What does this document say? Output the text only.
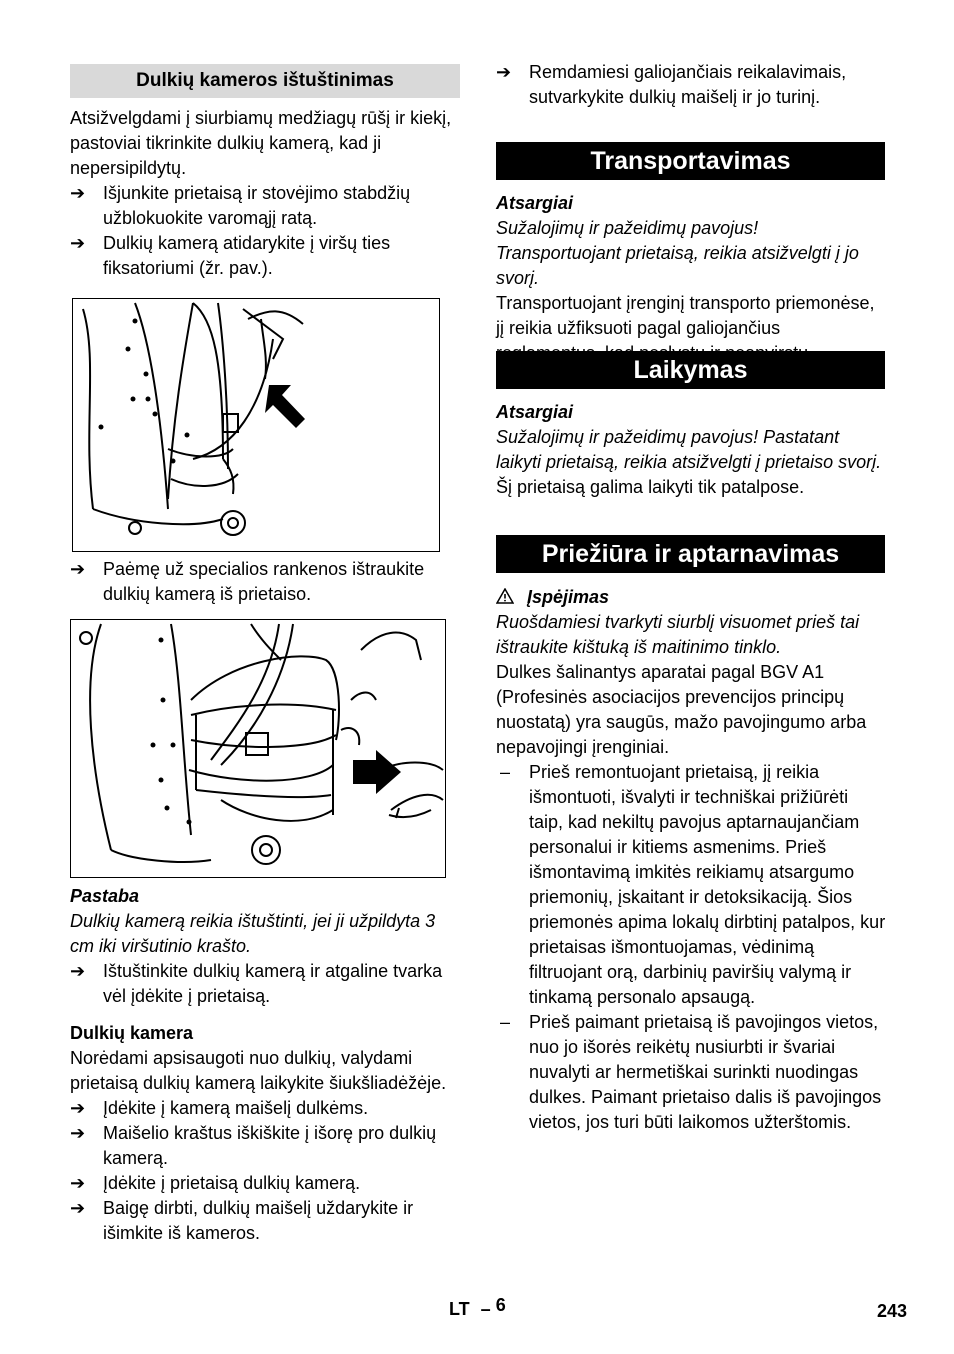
Dulkių kameros ištuštinimas

Atsižvelgdami į siurbiamų medžiagų rūšį ir kiekį, pastoviai tikrinkite dulkių kamerą, kad ji nepersipildytų.

➔ Išjunkite prietaisą ir stovėjimo stabdžių užblokuokite varomąjį ratą.
➔ Dulkių kamerą atidarykite į viršų ties fiksatoriumi (žr. pav.).
➔ Paėmę už specialios rankenos ištraukite dulkių kamerą iš prietaiso.

Pastaba

Dulkių kamerą reikia ištuštinti, jei ji užpildyta 3 cm iki viršutinio krašto.

➔ Ištuštinkite dulkių kamerą ir atgaline tvarka vėl įdėkite į prietaisą.

Dulkių kamera

Norėdami apsisaugoti nuo dulkių, valydami prietaisą dulkių kamerą laikykite šiukšliadėžėje.

➔ Įdėkite į kamerą maišelį dulkėms.
➔ Maišelio kraštus iškiškite į išorę pro dulkių kamerą.
➔ Įdėkite į prietaisą dulkių kamerą.
➔ Baigę dirbti, dulkių maišelį uždarykite ir išimkite iš kameros.
➔ Remdamiesi galiojančiais reikalavimais, sutvarkykite dulkių maišelį ir jo turinį.
Transportavimas

Atsargiai

Sužalojimų ir pažeidimų pavojus! Transportuojant prietaisą, reikia atsižvelgti į jo svorį.

Transportuojant įrenginį transporto priemonėse, jį reikia užfiksuoti pagal galiojančius

Laikymas

Atsargiai

Sužalojimų ir pažeidimų pavojus! Pastatant laikyti prietaisą, reikia atsižvelgti į prietaiso svorį.

Šį prietaisą galima laikyti tik patalpose.

Priežiūra ir aptarnavimas

Įspėjimas

Ruošdamiesi tvarkyti siurblį visuomet prieš tai ištraukite kištuką iš maitinimo tinklo.

Dulkes šalinantys aparatai pagal BGV A1 (Profesinės asociacijos prevencijos principų nuostatą) yra saugūs, mažo pavojingumo arba nepavojingi įrenginiai.

– Prieš remontuojant prietaisą, jį reikia išmontuoti, išvalyti ir techniškai prižiūrėti taip, kad nekiltų pavojus aptarnaujančiam personalui ir kitiems asmenims. Prieš išmontavimą imkitės reikiamų atsargumo priemonių, įskaitant ir detoksikaciją. Šios priemonės apima lokalų dirbtinį patalpos, kur prietaisas išmontuojamas, vėdinimą filtruojant orą, darbinių paviršių valymą ir tinkamą personalo apsaugą.
– Prieš paimant prietaisą iš pavojingos vietos, nuo jo išorės reikėtų nusiurbti ir švariai nuvalyti ar hermetiškai surinkti nuodingas dulkes. Paimant prietaiso dalis iš pavojingos vietos, jos turi būti laikomos užterštomis.
LT – 6	243
